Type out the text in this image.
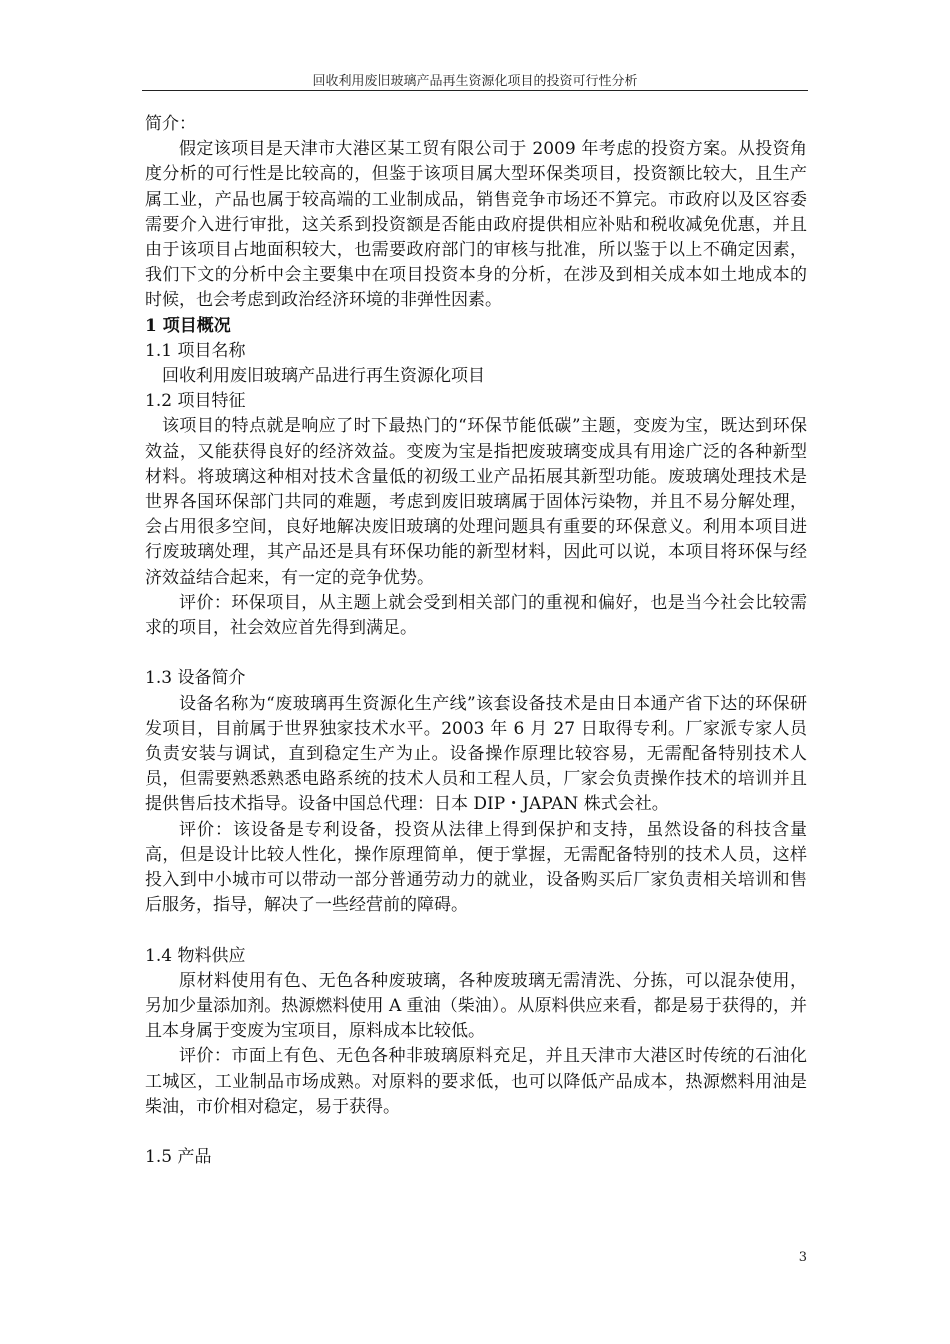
回收利用废旧玻璃产品再生资源化项目的投资可行性分析

简介：

假定该项目是天津市大港区某工贸有限公司于 2009 年考虑的投资方案。从投资角度分析的可行性是比较高的，但鉴于该项目属大型环保类项目，投资额比较大，且生产属工业，产品也属于较高端的工业制成品，销售竞争市场还不算完。市政府以及区容委需要介入进行审批，这关系到投资额是否能由政府提供相应补贴和税收减免优惠，并且由于该项目占地面积较大，也需要政府部门的审核与批准，所以鉴于以上不确定因素，我们下文的分析中会主要集中在项目投资本身的分析，在涉及到相关成本如土地成本的时候，也会考虑到政治经济环境的非弹性因素。

1 项目概况

1.1 项目名称

回收利用废旧玻璃产品进行再生资源化项目

1.2 项目特征

该项目的特点就是响应了时下最热门的“环保节能低碳”主题，变废为宝，既达到环保效益，又能获得良好的经济效益。变废为宝是指把废玻璃变成具有用途广泛的各种新型材料。将玻璃这种相对技术含量低的初级工业产品拓展其新型功能。废玻璃处理技术是世界各国环保部门共同的难题，考虑到废旧玻璃属于固体污染物，并且不易分解处理，会占用很多空间，良好地解决废旧玻璃的处理问题具有重要的环保意义。利用本项目进行废玻璃处理，其产品还是具有环保功能的新型材料，因此可以说，本项目将环保与经济效益结合起来，有一定的竞争优势。

评价：环保项目，从主题上就会受到相关部门的重视和偏好，也是当今社会比较需求的项目，社会效应首先得到满足。

1.3 设备简介

设备名称为“废玻璃再生资源化生产线”该套设备技术是由日本通产省下达的环保研发项目，目前属于世界独家技术水平。2003 年 6 月 27 日取得专利。厂家派专家人员负责安装与调试，直到稳定生产为止。设备操作原理比较容易，无需配备特别技术人员，但需要熟悉熟悉电路系统的技术人员和工程人员，厂家会负责操作技术的培训并且提供售后技术指导。设备中国总代理：日本 DIP・JAPAN 株式会社。

评价：该设备是专利设备，投资从法律上得到保护和支持，虽然设备的科技含量高，但是设计比较人性化，操作原理简单，便于掌握，无需配备特别的技术人员，这样投入到中小城市可以带动一部分普通劳动力的就业，设备购买后厂家负责相关培训和售后服务，指导，解决了一些经营前的障碍。

1.4 物料供应

原材料使用有色、无色各种废玻璃，各种废玻璃无需清洗、分拣，可以混杂使用，另加少量添加剂。热源燃料使用 A 重油（柴油）。从原料供应来看，都是易于获得的，并且本身属于变废为宝项目，原料成本比较低。

评价：市面上有色、无色各种非玻璃原料充足，并且天津市大港区时传统的石油化工城区，工业制品市场成熟。对原料的要求低，也可以降低产品成本，热源燃料用油是柴油，市价相对稳定，易于获得。

1.5 产品

3
